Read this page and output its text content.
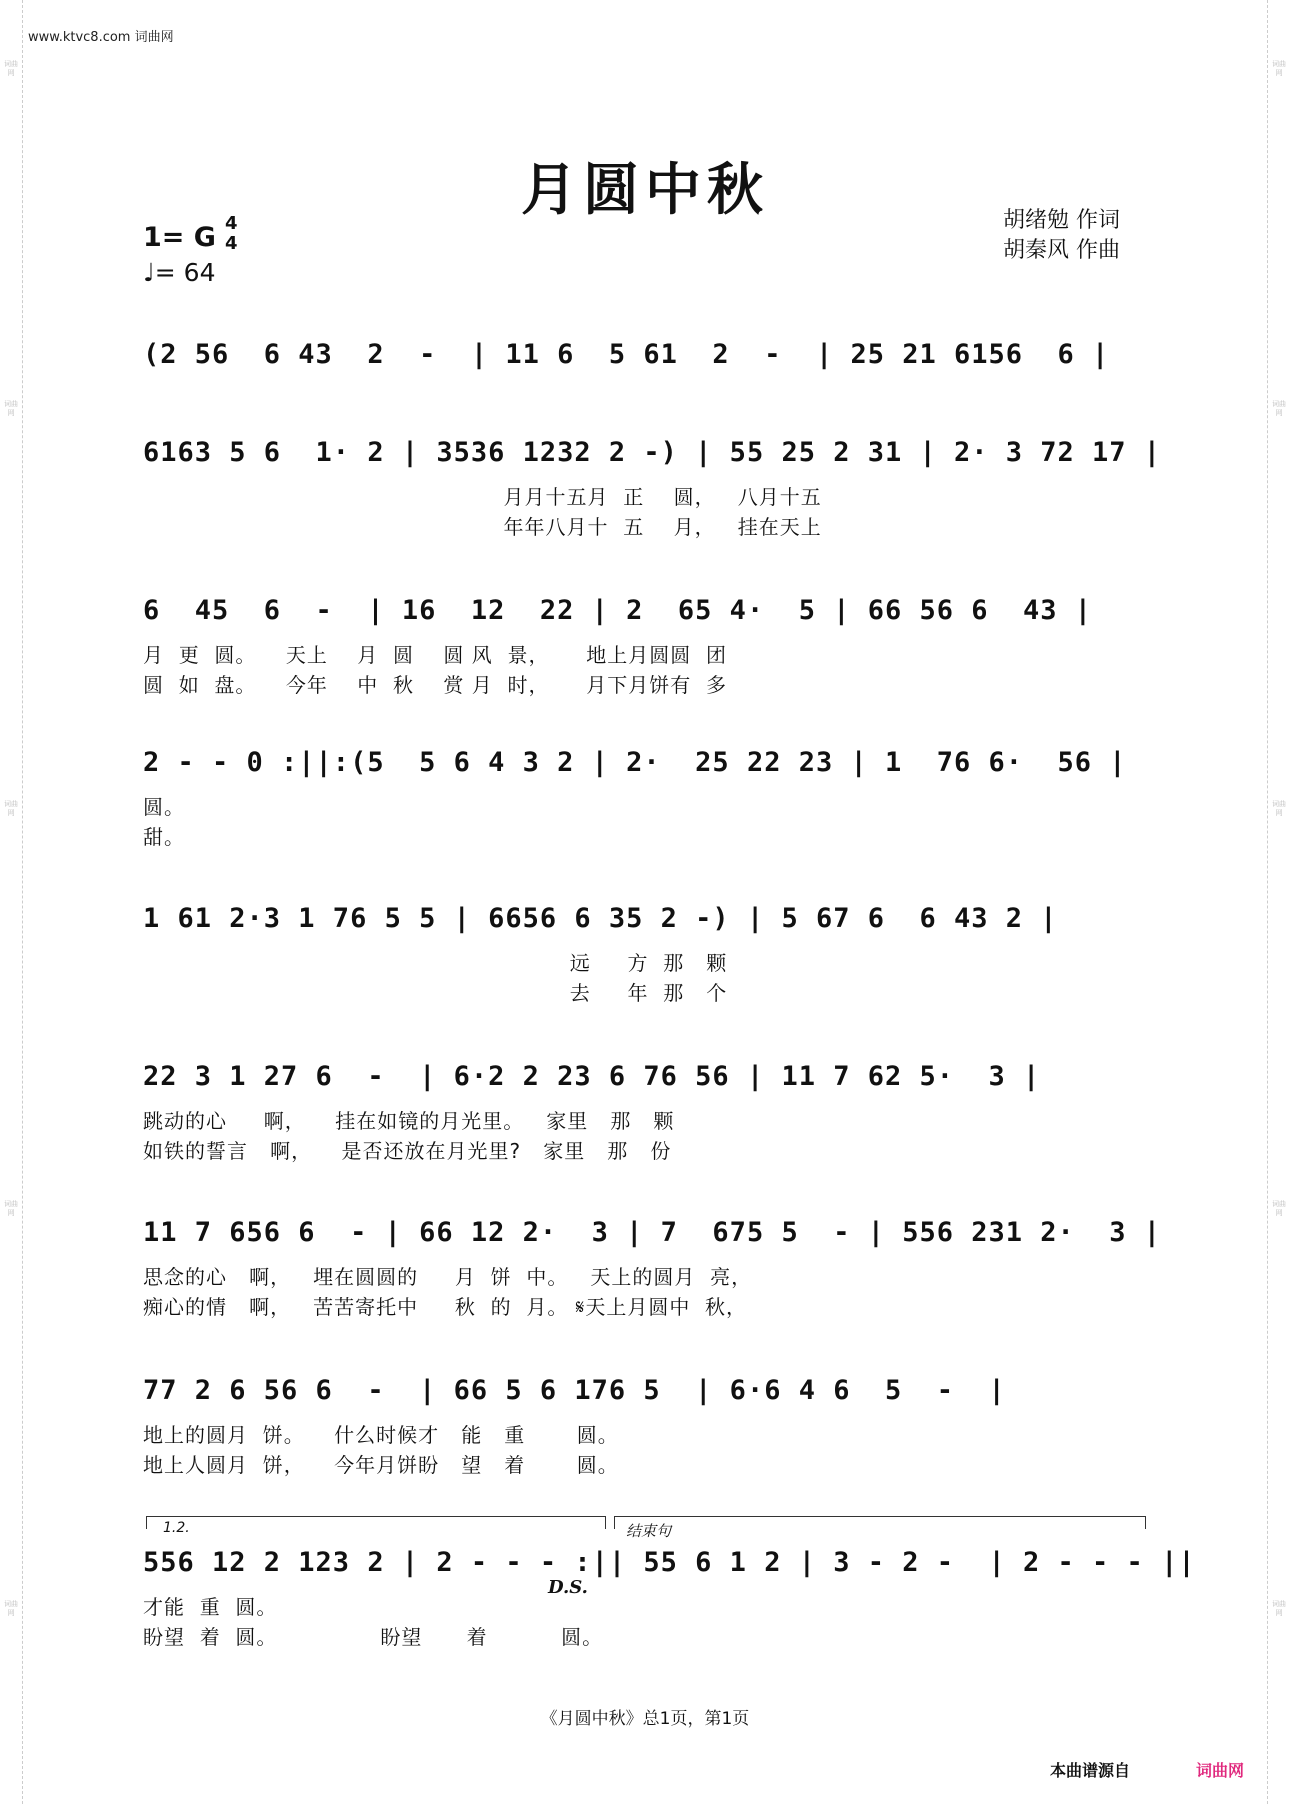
词曲网
词曲网
词曲网
词曲网
词曲网
词曲网
词曲网
词曲网
词曲网
词曲网
www.ktvc8.com 词曲网
月圆中秋
1= G 4
4
♩= 64
胡绪勉 作词
胡秦风 作曲
(2 56  6 43  2  -  | 11 6  5 61  2  -  | 25 21 6156  6 |
6163 5 6  1· 2 | 3536 1232 2 -) | 55 25 2 31 | 2· 3 72 17 |
月月十五月  正    圆，   八月十五
年年八月十  五    月，   挂在天上
6  45  6  -  | 16  12  22 | 2  65 4·  5 | 66 56 6  43 |
月  更  圆。    天上    月  圆    圆 风  景，     地上月圆圆  团
圆  如  盘。    今年    中  秋    赏 月  时，     月下月饼有  多
2 - - 0 :||:(5  5 6 4 3 2 | 2·  25 22 23 | 1  76 6·  56 |
圆。
甜。
1 61 2·3 1 76 5 5 | 6656 6 35 2 -) | 5 67 6  6 43 2 |
远     方  那   颗
去     年  那   个
22 3 1 27 6  -  | 6·2 2 23 6 76 56 | 11 7 62 5·  3 |
跳动的心     啊，    挂在如镜的月光里。   家里   那   颗
如铁的誓言   啊，    是否还放在月光里?   家里   那   份
11 7 656 6  - | 66 12 2·  3 | 7  675 5  - | 556 231 2·  3 |
思念的心   啊，   埋在圆圆的     月  饼  中。   天上的圆月  亮，
痴心的情   啊，   苦苦寄托中     秋  的  月。 𝄋天上月圆中  秋，
77 2 6 56 6  -  | 66 5 6 176 5  | 6·6 4 6  5  -  |
地上的圆月  饼。    什么时候才   能   重       圆。
地上人圆月  饼，    今年月饼盼   望   着       圆。
1.2.	结束句
556 12 2 123 2 | 2 - - - :|| 55 6 1 2 | 3 - 2 -  | 2 - - - ||
才能  重  圆。
盼望  着  圆。              盼望      着          圆。
D.S.
《月圆中秋》总1页，第1页
本曲谱源自	词曲网
